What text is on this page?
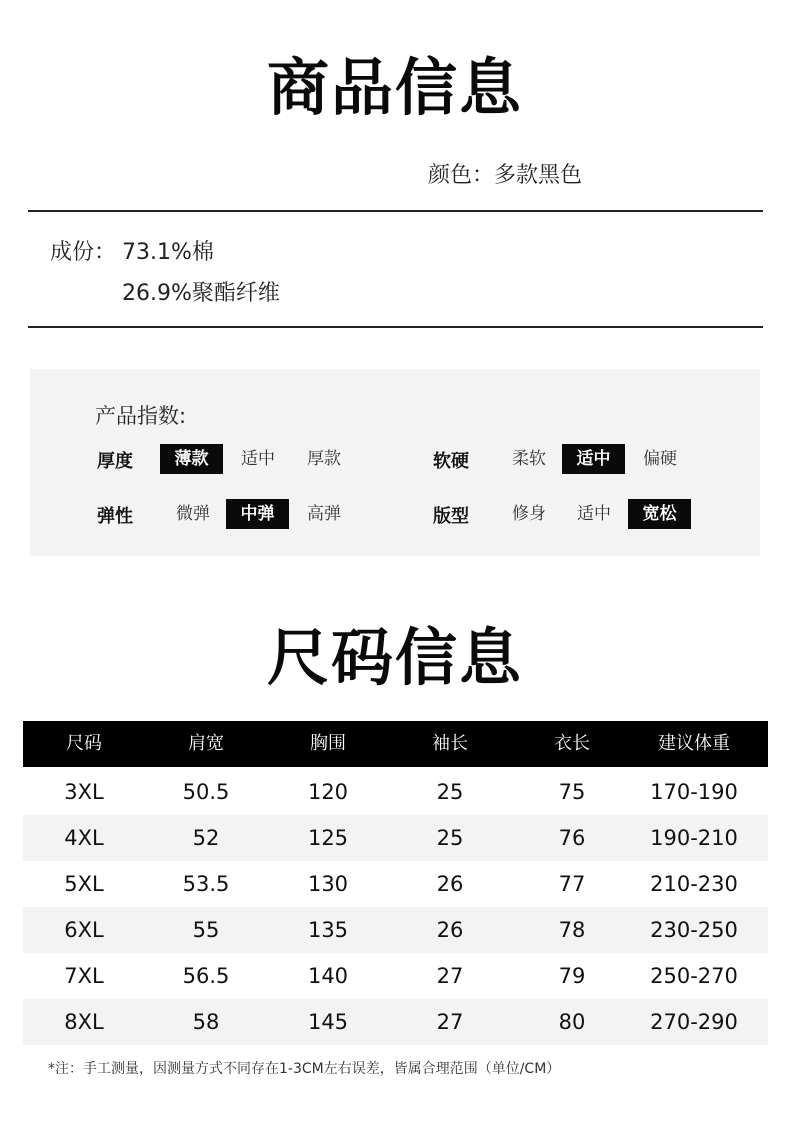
商品信息
颜色：多款黑色
成份： 73.1%棉
26.9%聚酯纤维
产品指数:
厚度	薄款	适中	厚款	软硬	柔软	适中	偏硬
弹性	微弹	中弹	高弹	版型	修身	适中	宽松
尺码信息
尺码	肩宽	胸围	袖长	衣长	建议体重
3XL	50.5	120	25	75	170-190
4XL	52	125	25	76	190-210
5XL	53.5	130	26	77	210-230
6XL	55	135	26	78	230-250
7XL	56.5	140	27	79	250-270
8XL	58	145	27	80	270-290
*注：手工测量，因测量方式不同存在1-3CM左右误差，皆属合理范围（单位/CM）
